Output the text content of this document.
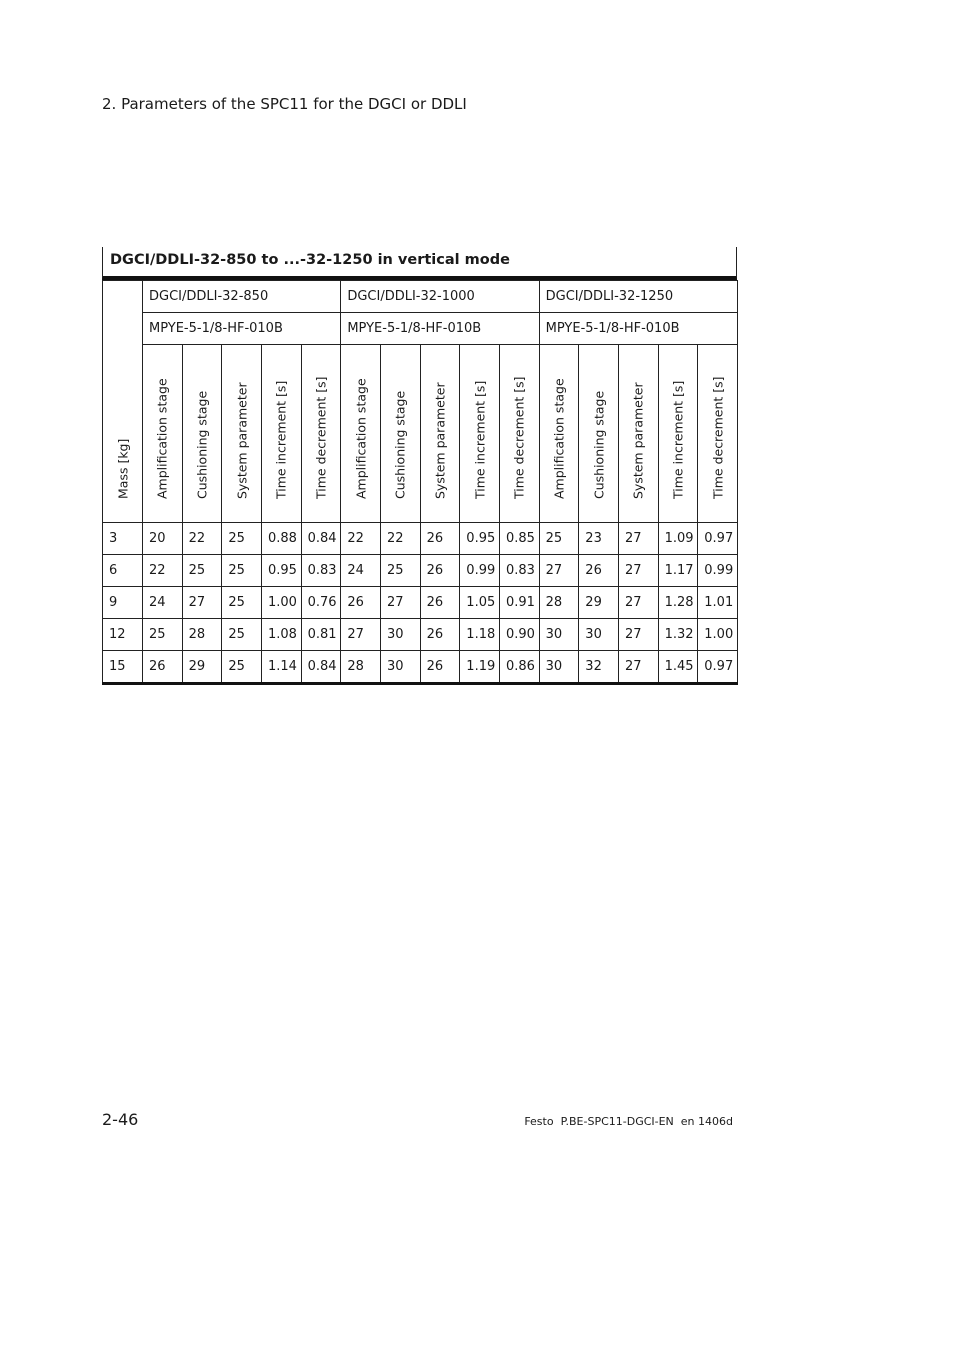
2. Parameters of the SPC11 for the DGCI or DDLI
DGCI/DDLI-32-850 to ...-32-1250 in vertical mode
Mass [kg]	DGCI/DDLI-32-850					DGCI/DDLI-32-1000					DGCI/DDLI-32-1250				
	MPYE-5-1/8-HF-010B					MPYE-5-1/8-HF-010B					MPYE-5-1/8-HF-010B				

	Amplification stage	Cushioning stage	System parameter	Time increment [s]	Time decrement [s]	Amplification stage	Cushioning stage	System parameter	Time increment [s]	Time decrement [s]	Amplification stage	Cushioning stage	System parameter	Time increment [s]	Time decrement [s]

3	20	22	25	0.88	0.84	22	22	26	0.95	0.85	25	23	27	1.09	0.97
6	22	25	25	0.95	0.83	24	25	26	0.99	0.83	27	26	27	1.17	0.99
9	24	27	25	1.00	0.76	26	27	26	1.05	0.91	28	29	27	1.28	1.01
12	25	28	25	1.08	0.81	27	30	26	1.18	0.90	30	30	27	1.32	1.00
15	26	29	25	1.14	0.84	28	30	26	1.19	0.86	30	32	27	1.45	0.97
2-46	Festo  P.BE-SPC11-DGCI-EN  en 1406d
